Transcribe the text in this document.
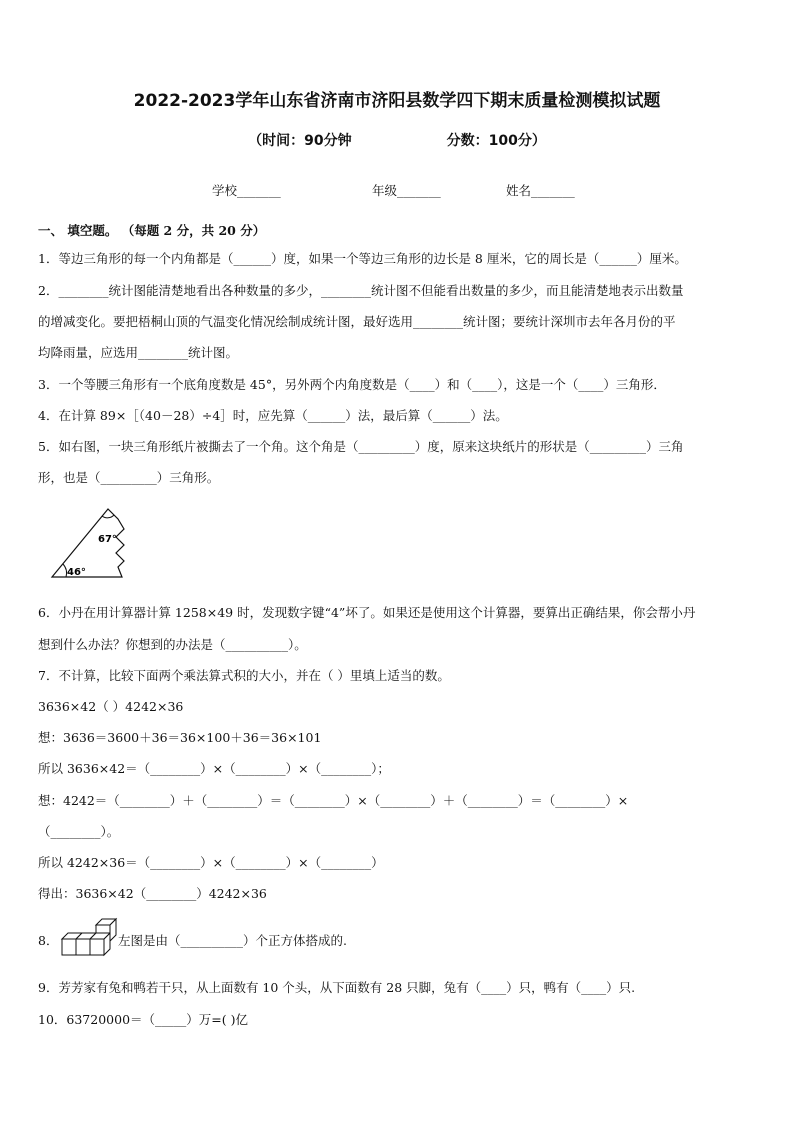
2022-2023学年山东省济南市济阳县数学四下期末质量检测模拟试题
（时间：90分钟	分数：100分）
学校_______	年级_______	姓名_______
一、 填空题。 （每题 2 分，共 20 分）
1．等边三角形的每一个内角都是（______）度，如果一个等边三角形的边长是 8 厘米，它的周长是（______）厘米。
2．________统计图能清楚地看出各种数量的多少，________统计图不但能看出数量的多少，而且能清楚地表示出数量
的增减变化。要把梧桐山顶的气温变化情况绘制成统计图，最好选用________统计图；要统计深圳市去年各月份的平
均降雨量，应选用________统计图。
3．一个等腰三角形有一个底角度数是 45°，另外两个内角度数是（____）和（____），这是一个（____）三角形．
4．在计算 89×［（40－28）÷4］时，应先算（______）法，最后算（______）法。
5．如右图，一块三角形纸片被撕去了一个角。这个角是（_________）度，原来这块纸片的形状是（_________）三角
形，也是（_________）三角形。
67°
46°
6．小丹在用计算器计算 1258×49 时，发现数字键“4”坏了。如果还是使用这个计算器，要算出正确结果，你会帮小丹
想到什么办法？你想到的办法是（__________）。
7．不计算，比较下面两个乘法算式积的大小，并在（ ）里填上适当的数。
3636×42（ ）4242×36
想：3636＝3600＋36＝36×100＋36＝36×101
所以 3636×42＝（________）×（________）×（________）；
想：4242＝（________）＋（________）＝（________）×（________）＋（________）＝（________）×
（________）。
所以 4242×36＝（________）×（________）×（________）
得出：3636×42（________）4242×36
8．	左图是由（__________）个正方体搭成的.
9．芳芳家有兔和鸭若干只，从上面数有 10 个头，从下面数有 28 只脚，兔有（____）只，鸭有（____）只.
10．63720000＝（_____）万=( )亿
